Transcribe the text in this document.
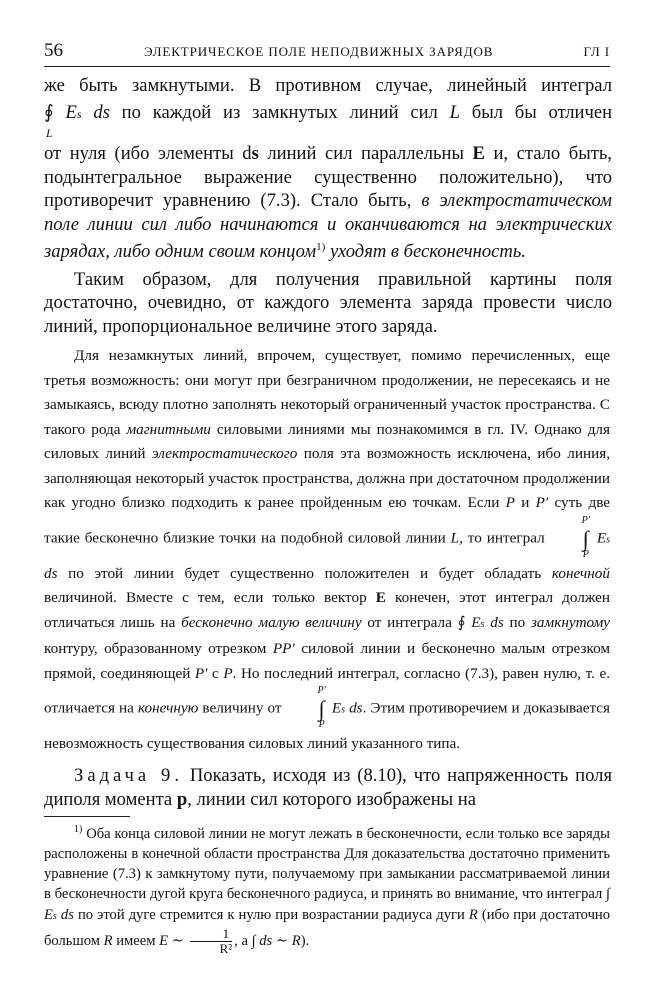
56	ЭЛЕКТРИЧЕСКОЕ ПОЛЕ НЕПОДВИЖНЫХ ЗАРЯДОВ	ГЛ I

же быть замкнутыми. В противном случае, линейный интеграл

∮ Es ds по каждой из замкнутых линий сил L был бы отличен

L

от нуля (ибо элементы ds линий сил параллельны E и, стало быть, подынтегральное выражение существенно положительно), что противоречит уравнению (7.3). Стало быть, в электростатическом поле линии сил либо начинаются и оканчиваются на электрических зарядах, либо одним своим концом$^{1)}$ уходят в бесконечность.

Таким образом, для получения правильной картины поля достаточно, очевидно, от каждого элемента заряда провести число линий, пропорциональное величине этого заряда.

Для незамкнутых линий, впрочем, существует, помимо перечисленных, еще третья возможность: они могут при безграничном продолжении, не пересекаясь и не замыкаясь, всюду плотно заполнять некоторый ограниченный участок пространства. С такого рода магнитными силовыми линиями мы познакомимся в гл. IV. Однако для силовых линий электростатического поля эта возможность исключена, ибо линия, заполняющая некоторый участок пространства, должна при достаточном продолжении как угодно близко подходить к ранее пройденным ею точкам. Если P и P′ суть две такие бесконечно близкие точки на подобной силовой линии L, то интеграл
P′
∫
P
Es ds по этой линии будет существенно положителен и будет обладать конечной величиной. Вместе с тем, если только вектор E конечен, этот интеграл должен отличаться лишь на бесконечно малую величину от интеграла ∮ Es ds по замкнутому контуру, образованному отрезком PP′ силовой линии и бесконечно малым отрезком прямой, соединяющей P′ с P. Но последний интеграл, согласно (7.3), равен нулю, т. е. отличается на конечную величину от
P′
∫
P
Es ds. Этим противоречием и доказывается невозможность существования силовых линий указанного типа.

Задача 9. Показать, исходя из (8.10), что напряженность поля диполя момента p, линии сил которого изображены на

$^{1)}$ Оба конца силовой линии не могут лежать в бесконечности, если только все заряды расположены в конечной области пространства Для доказательства достаточно применить уравнение (7.3) к замкнутому пути, получаемому при замыкании рассматриваемой линии в бесконечности дугой круга бесконечного радиуса, и принять во внимание, что интеграл ∫ Es ds по этой дуге стремится к нулю при возрастании радиуса дуги R (ибо при достаточно большом R имеем E ∼ $\frac{1}{\text{R²}}$ , а ∫ ds ∼ R).
